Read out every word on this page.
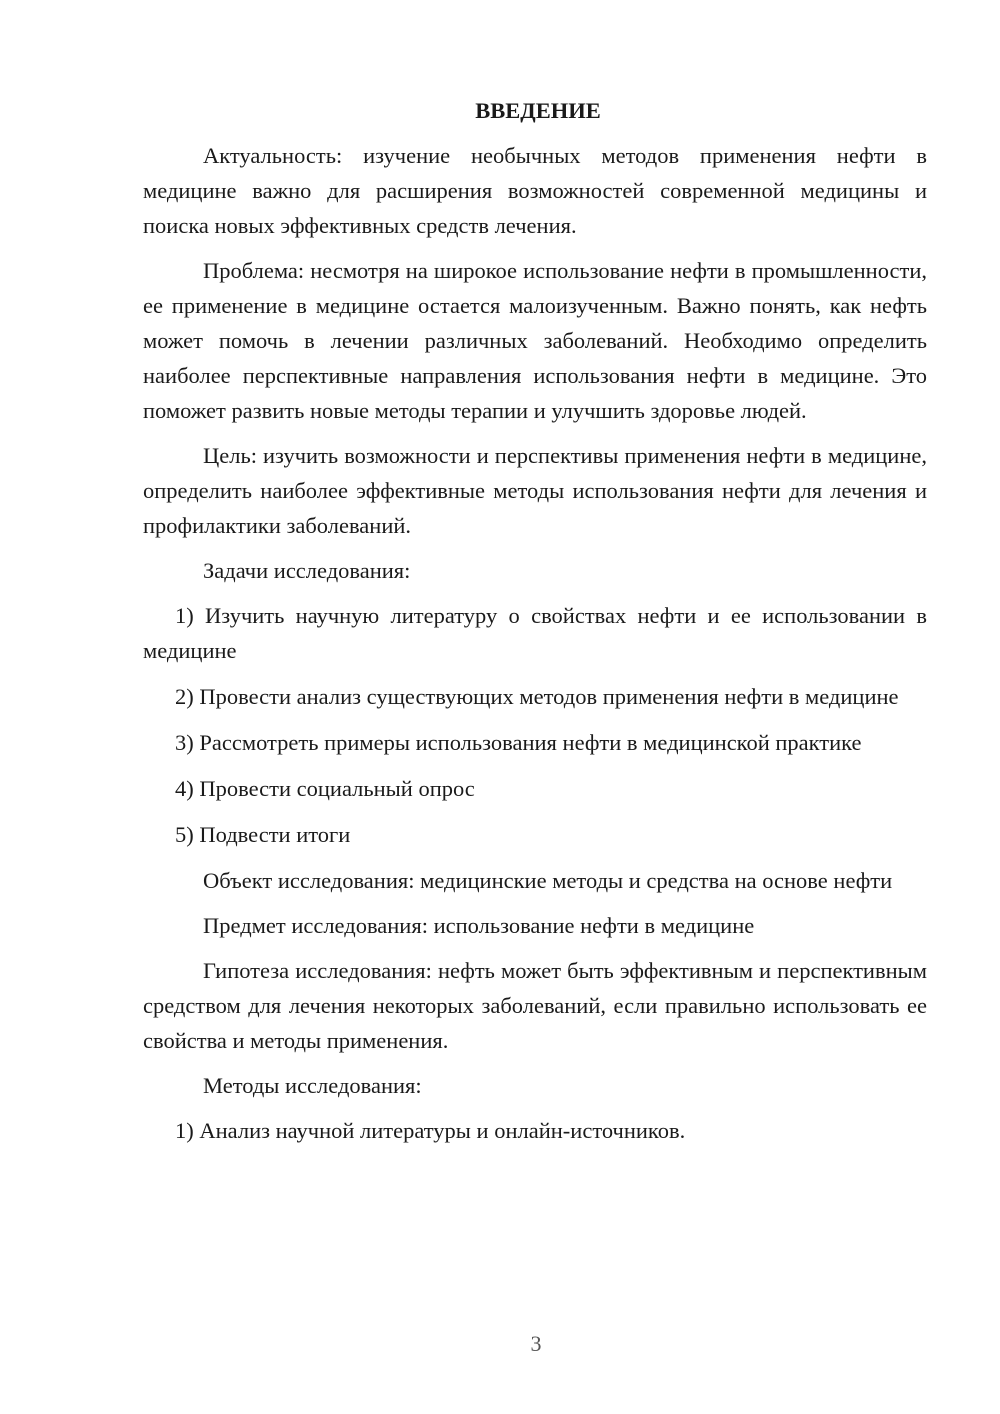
ВВЕДЕНИЕ

Актуальность: изучение необычных методов применения нефти в медицине важно для расширения возможностей современной медицины и поиска новых эффективных средств лечения.

Проблема: несмотря на широкое использование нефти в промышленности, ее применение в медицине остается малоизученным. Важно понять, как нефть может помочь в лечении различных заболеваний. Необходимо определить наиболее перспективные направления использования нефти в медицине. Это поможет развить новые методы терапии и улучшить здоровье людей.

Цель: изучить возможности и перспективы применения нефти в медицине, определить наиболее эффективные методы использования нефти для лечения и профилактики заболеваний.

Задачи исследования:

1) Изучить научную литературу о свойствах нефти и ее использовании в медицине

2) Провести анализ существующих методов применения нефти в медицине

3) Рассмотреть примеры использования нефти в медицинской практике

4) Провести социальный опрос

5) Подвести итоги

Объект исследования: медицинские методы и средства на основе нефти

Предмет исследования: использование нефти в медицине

Гипотеза исследования: нефть может быть эффективным и перспективным средством для лечения некоторых заболеваний, если правильно использовать ее свойства и методы применения.

Методы исследования:

1) Анализ научной литературы и онлайн-источников.

3
